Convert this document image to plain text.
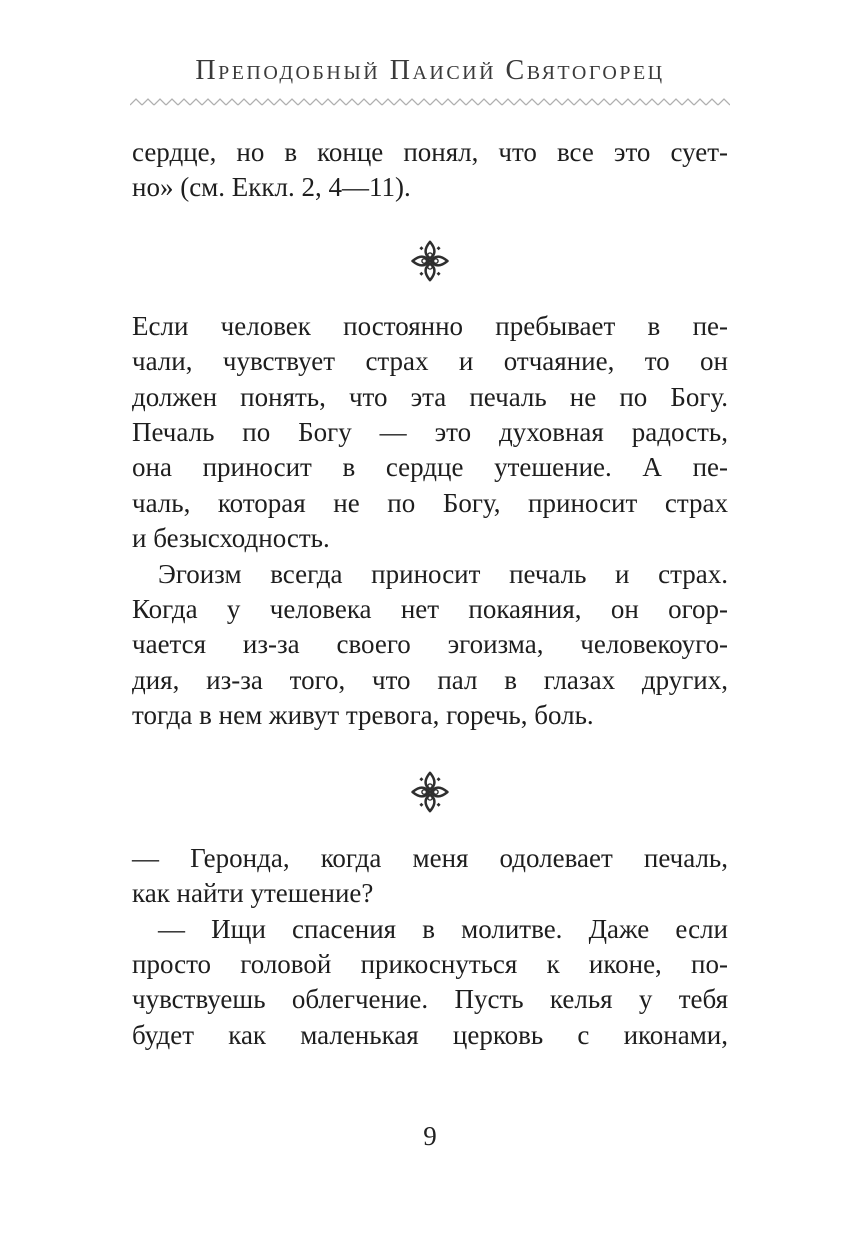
Преподобный Паисий Святогорец
сердце, но в конце понял, что все это сует-
но» (см. Еккл. 2, 4—11).
Если человек постоянно пребывает в пе-
чали, чувствует страх и отчаяние, то он
должен понять, что эта печаль не по Богу.
Печаль по Богу — это духовная радость,
она приносит в сердце утешение. А пе-
чаль, которая не по Богу, приносит страх
и безысходность.
Эгоизм всегда приносит печаль и страх.
Когда у человека нет покаяния, он огор-
чается из-за своего эгоизма, человекоуго-
дия, из-за того, что пал в глазах других,
тогда в нем живут тревога, горечь, боль.
— Геронда, когда меня одолевает печаль,
как найти утешение?
— Ищи спасения в молитве. Даже если
просто головой прикоснуться к иконе, по-
чувствуешь облегчение. Пусть келья у тебя
будет как маленькая церковь с иконами,
9
